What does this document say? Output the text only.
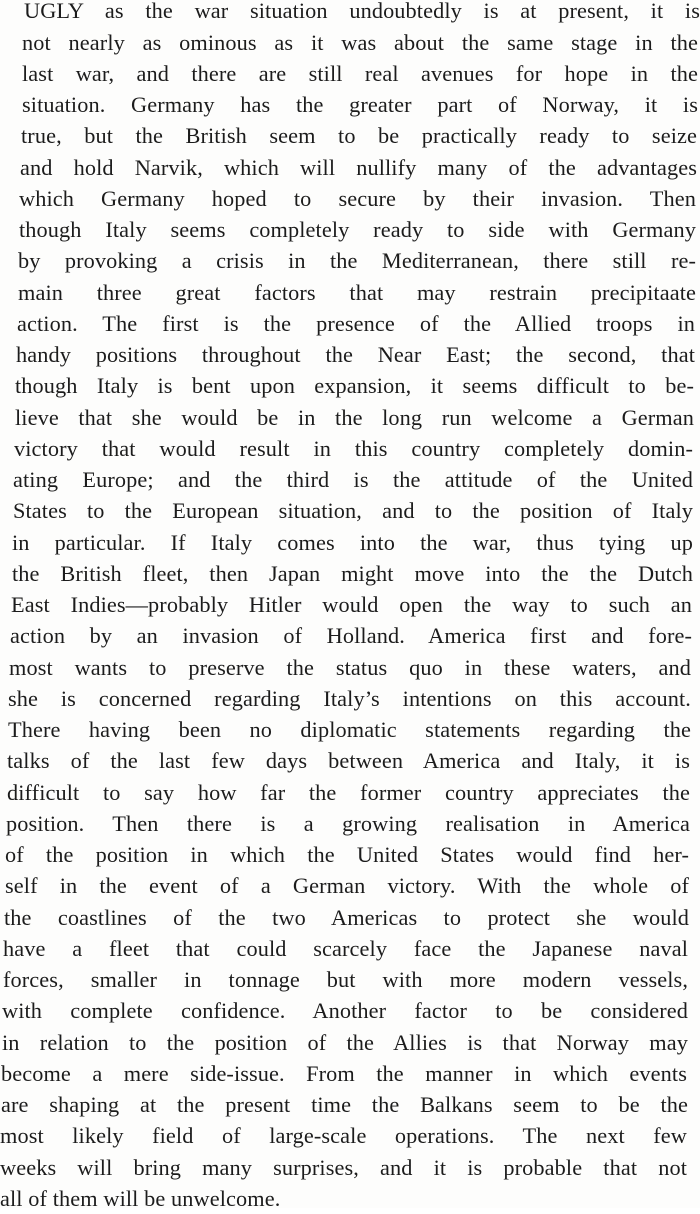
UGLY as the war situation undoubtedly is at present, it is
not nearly as ominous as it was about the same stage in the
last war, and there are still real avenues for hope in the
situation. Germany has the greater part of Norway, it is
true, but the British seem to be practically ready to seize
and hold Narvik, which will nullify many of the advantages
which Germany hoped to secure by their invasion. Then
though Italy seems completely ready to side with Germany
by provoking a crisis in the Mediterranean, there still re-
main three great factors that may restrain precipitaate
action. The first is the presence of the Allied troops in
handy positions throughout the Near East; the second, that
though Italy is bent upon expansion, it seems difficult to be-
lieve that she would be in the long run welcome a German
victory that would result in this country completely domin-
ating Europe; and the third is the attitude of the United
States to the European situation, and to the position of Italy
in particular. If Italy comes into the war, thus tying up
the British fleet, then Japan might move into the the Dutch
East Indies—probably Hitler would open the way to such an
action by an invasion of Holland. America first and fore-
most wants to preserve the status quo in these waters, and
she is concerned regarding Italy’s intentions on this account.
There having been no diplomatic statements regarding the
talks of the last few days between America and Italy, it is
difficult to say how far the former country appreciates the
position. Then there is a growing realisation in America
of the position in which the United States would find her-
self in the event of a German victory. With the whole of
the coastlines of the two Americas to protect she would
have a fleet that could scarcely face the Japanese naval
forces, smaller in tonnage but with more modern vessels,
with complete confidence. Another factor to be considered
in relation to the position of the Allies is that Norway may
become a mere side-issue. From the manner in which events
are shaping at the present time the Balkans seem to be the
most likely field of large-scale operations. The next few
weeks will bring many surprises, and it is probable that not
all of them will be unwelcome.
